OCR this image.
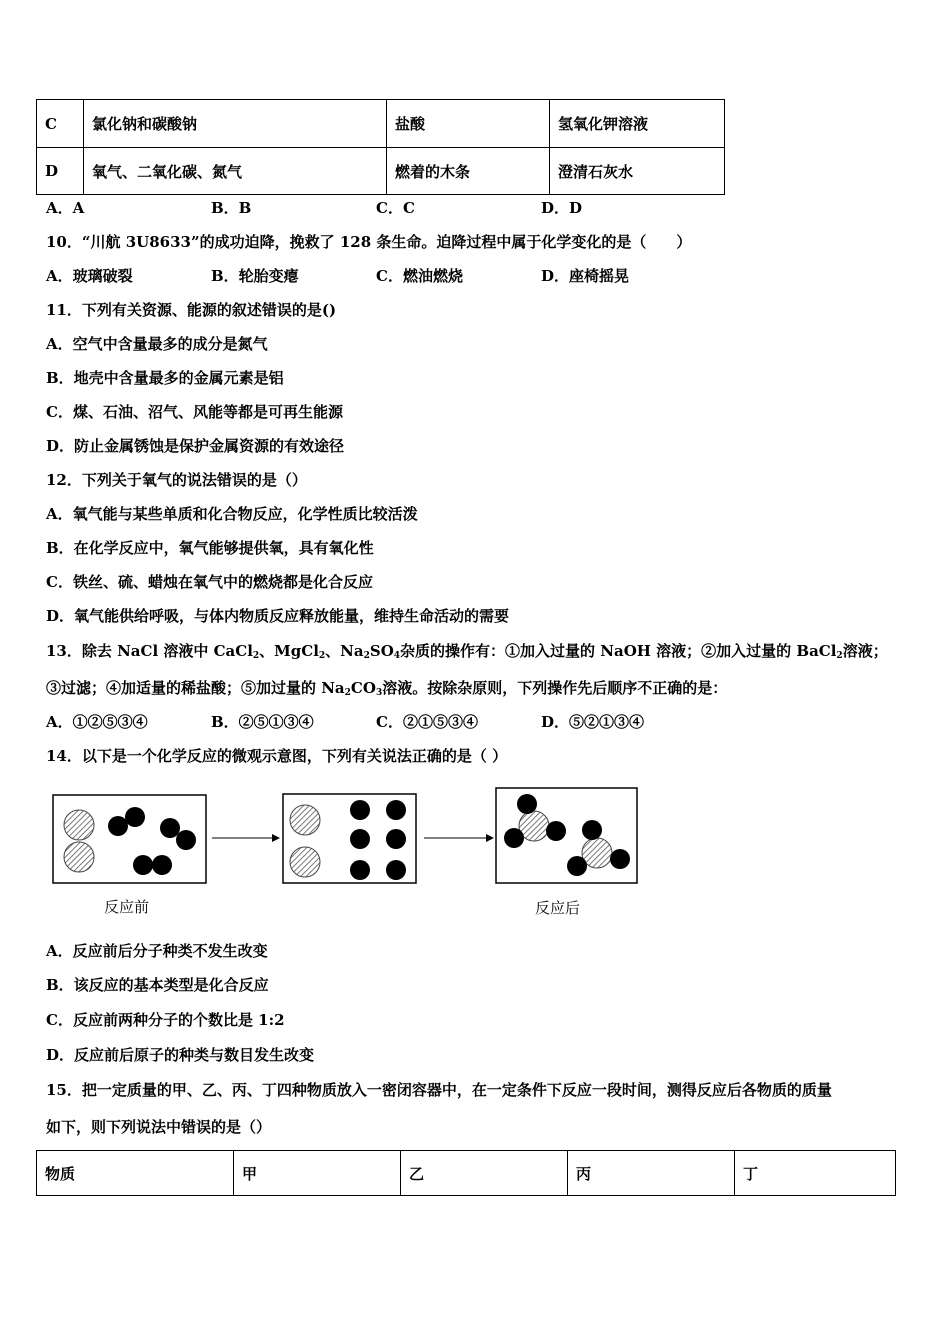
C	氯化钠和碳酸钠	盐酸	氢氧化钾溶液
D	氧气、二氧化碳、氮气	燃着的木条	澄清石灰水
A．A	B．B	C．C	D．D
10．“川航 3U8633”的成功迫降，挽救了 128 条生命。迫降过程中属于化学变化的是（　　）
A．玻璃破裂	B．轮胎变瘪	C．燃油燃烧	D．座椅摇晃
11．下列有关资源、能源的叙述错误的是()
A．空气中含量最多的成分是氮气
B．地壳中含量最多的金属元素是铝
C．煤、石油、沼气、风能等都是可再生能源
D．防止金属锈蚀是保护金属资源的有效途径
12．下列关于氧气的说法错误的是（）
A．氧气能与某些单质和化合物反应，化学性质比较活泼
B．在化学反应中，氧气能够提供氧，具有氧化性
C．铁丝、硫、蜡烛在氧气中的燃烧都是化合反应
D．氧气能供给呼吸，与体内物质反应释放能量，维持生命活动的需要
13．除去 NaCl 溶液中 CaCl$_2$、MgCl$_2$、$Na_2SO_4$杂质的操作有：①加入过量的 NaOH 溶液；②加入过量的 BaCl$_2$溶液；
③过滤；④加适量的稀盐酸；⑤加过量的 $Na_2CO_3$溶液。按除杂原则，下列操作先后顺序不正确的是：
A．①②⑤③④	B．②⑤①③④	C．②①⑤③④	D．⑤②①③④
14．以下是一个化学反应的微观示意图，下列有关说法正确的是（ ）
反应前	反应后
A．反应前后分子种类不发生改变
B．该反应的基本类型是化合反应
C．反应前两种分子的个数比是 1:2
D．反应前后原子的种类与数目发生改变
15．把一定质量的甲、乙、丙、丁四种物质放入一密闭容器中，在一定条件下反应一段时间，测得反应后各物质的质量
如下，则下列说法中错误的是（）
物质	甲	乙	丙	丁
